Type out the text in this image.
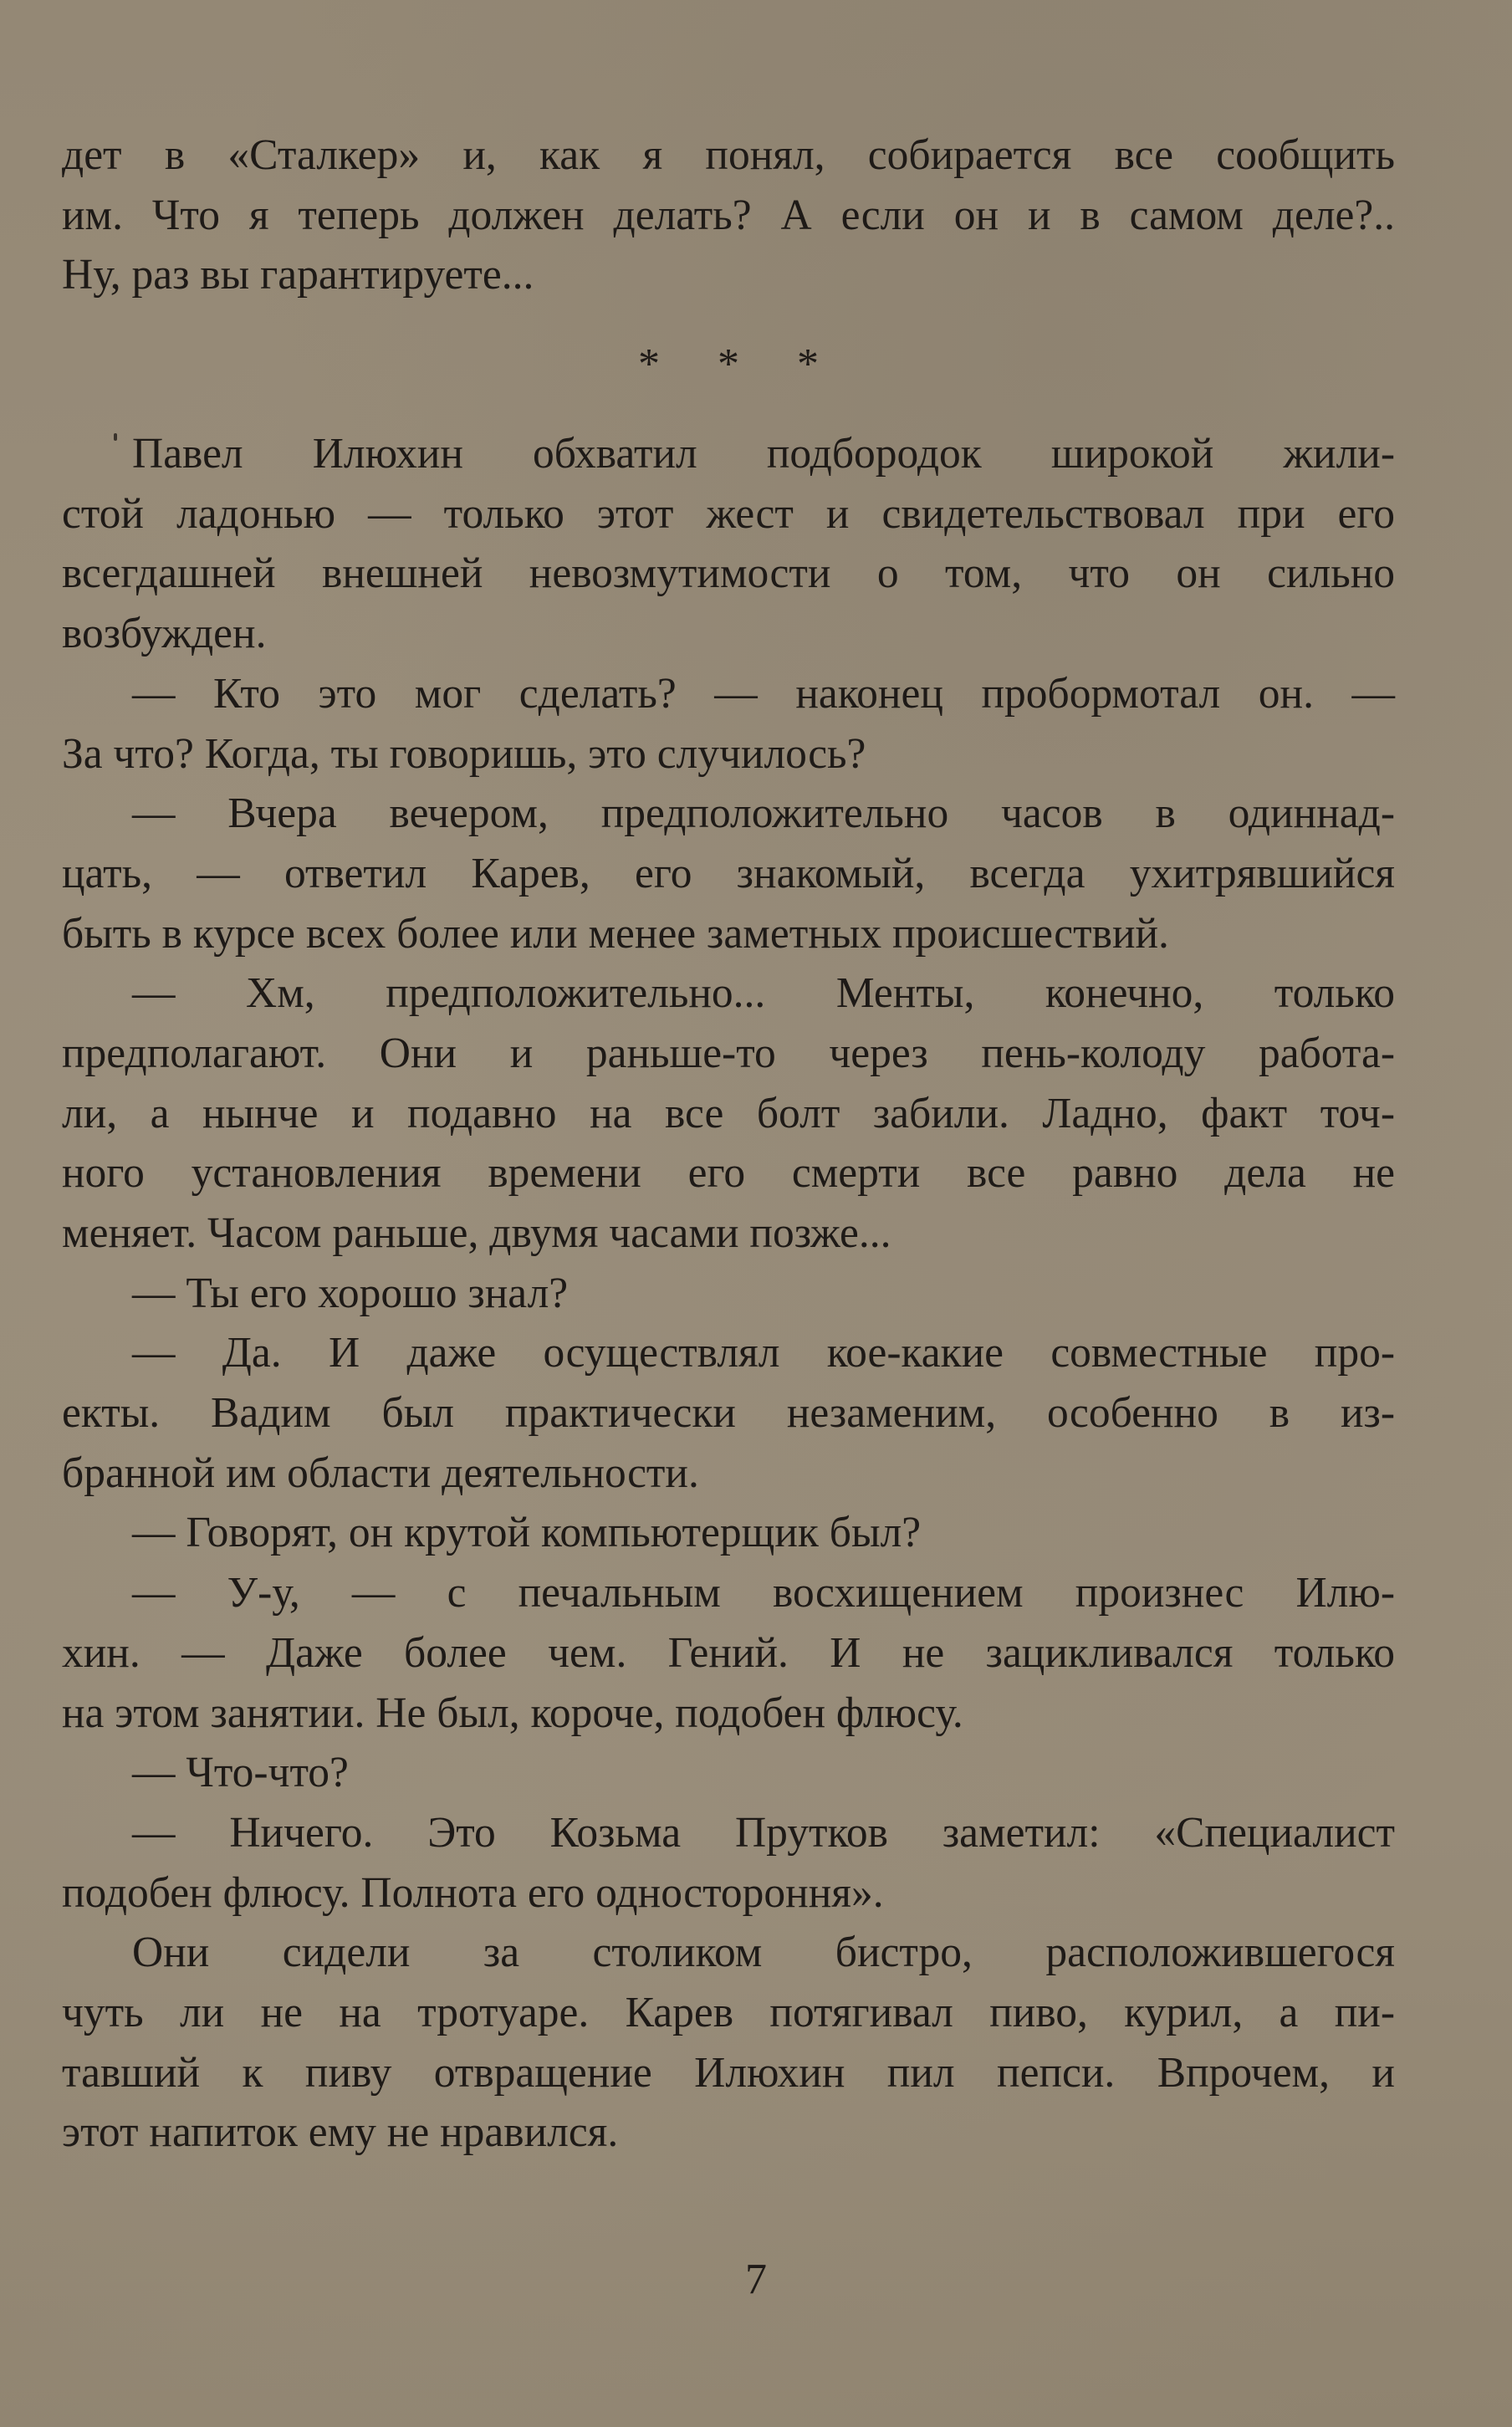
дет в «Сталкер» и, как я понял, собирается все сообщить
им. Что я теперь должен делать? А если он и в самом деле?..
Ну, раз вы гарантируете...
* * *
Павел Илюхин обхватил подбородок широкой жили-
стой ладонью — только этот жест и свидетельствовал при его
всегдашней внешней невозмутимости о том, что он сильно
возбужден.
— Кто это мог сделать? — наконец пробормотал он. —
За что? Когда, ты говоришь, это случилось?
— Вчера вечером, предположительно часов в одиннад-
цать, — ответил Карев, его знакомый, всегда ухитрявшийся
быть в курсе всех более или менее заметных происшествий.
— Хм, предположительно... Менты, конечно, только
предполагают. Они и раньше-то через пень-колоду работа-
ли, а нынче и подавно на все болт забили. Ладно, факт точ-
ного установления времени его смерти все равно дела не
меняет. Часом раньше, двумя часами позже...
— Ты его хорошо знал?
— Да. И даже осуществлял кое-какие совместные про-
екты. Вадим был практически незаменим, особенно в из-
бранной им области деятельности.
— Говорят, он крутой компьютерщик был?
— У-у, — с печальным восхищением произнес Илю-
хин. — Даже более чем. Гений. И не зацикливался только
на этом занятии. Не был, короче, подобен флюсу.
— Что-что?
— Ничего. Это Козьма Прутков заметил: «Специалист
подобен флюсу. Полнота его одностороння».
Они сидели за столиком бистро, расположившегося
чуть ли не на тротуаре. Карев потягивал пиво, курил, а пи-
тавший к пиву отвращение Илюхин пил пепси. Впрочем, и
этот напиток ему не нравился.
7
